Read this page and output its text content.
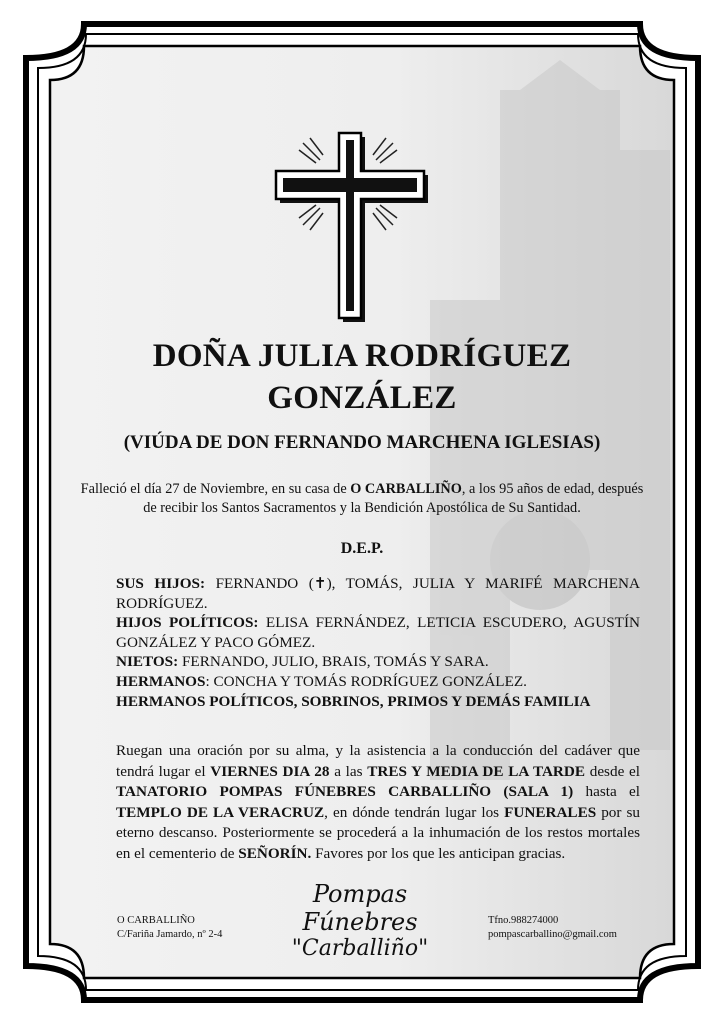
DOÑA JULIA RODRÍGUEZ
GONZÁLEZ
(VIÚDA DE DON FERNANDO MARCHENA IGLESIAS)

Falleció el día 27 de Noviembre, en su casa de O CARBALLIÑO, a los 95 años de edad, después de recibir los Santos Sacramentos y la Bendición Apostólica de Su Santidad.

D.E.P.

SUS HIJOS: FERNANDO (✝), TOMÁS, JULIA Y MARIFÉ MARCHENA RODRÍGUEZ.

HIJOS POLÍTICOS: ELISA FERNÁNDEZ, LETICIA ESCUDERO, AGUSTÍN GONZÁLEZ Y PACO GÓMEZ.

NIETOS: FERNANDO, JULIO, BRAIS, TOMÁS Y SARA.

HERMANOS: CONCHA Y TOMÁS RODRÍGUEZ GONZÁLEZ.

HERMANOS POLÍTICOS, SOBRINOS, PRIMOS Y DEMÁS FAMILIA

Ruegan una oración por su alma, y la asistencia a la conducción del cadáver que tendrá lugar el VIERNES DIA 28 a las TRES Y MEDIA DE LA TARDE desde el TANATORIO POMPAS FÚNEBRES CARBALLIÑO (SALA 1) hasta el TEMPLO DE LA VERACRUZ, en dónde tendrán lugar los FUNERALES por su eterno descanso. Posteriormente se procederá a la inhumación de los restos mortales en el cementerio de SEÑORÍN. Favores por los que les anticipan gracias.

O CARBALLIÑO
C/Fariña Jamardo, nº 2-4
Pompas Fúnebres
"Carballiño"
Tfno.988274000
pompascarballino@gmail.com
